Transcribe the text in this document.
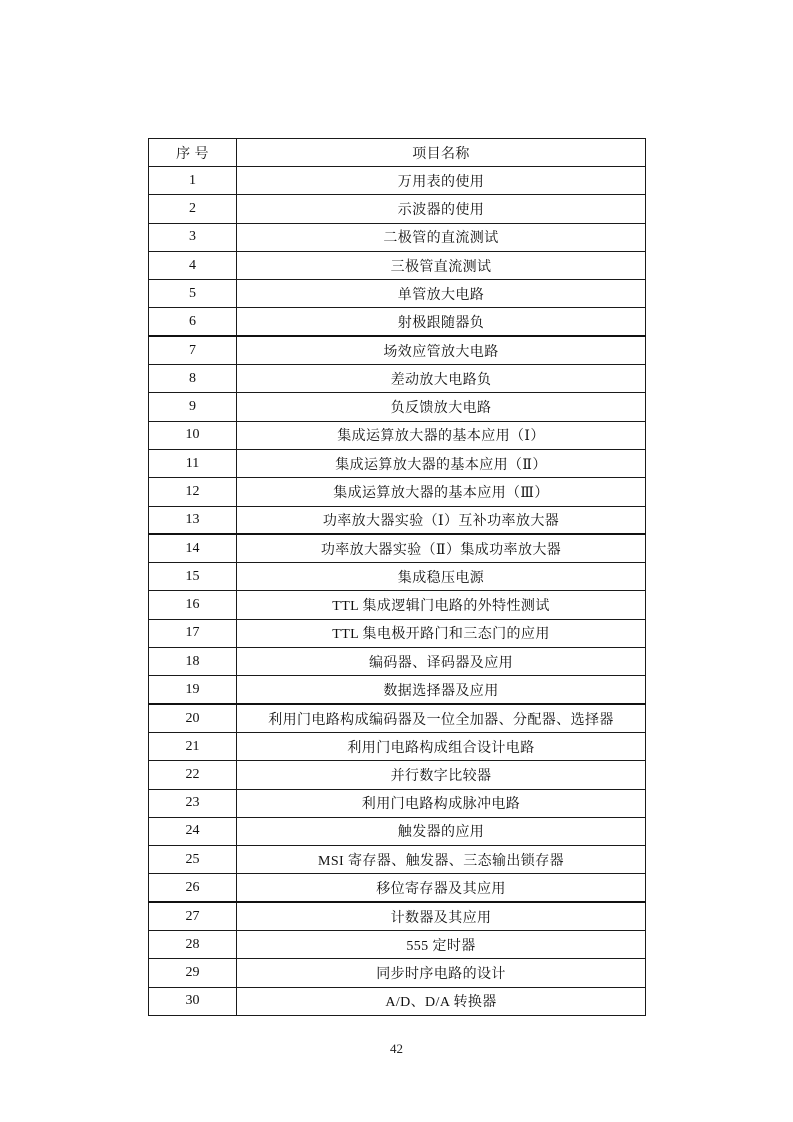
序 号	项目名称
1	万用表的使用
2	示波器的使用
3	二极管的直流测试
4	三极管直流测试
5	单管放大电路
6	射极跟随器负
7	场效应管放大电路
8	差动放大电路负
9	负反馈放大电路
10	集成运算放大器的基本应用（Ⅰ）
11	集成运算放大器的基本应用（Ⅱ）
12	集成运算放大器的基本应用（Ⅲ）
13	功率放大器实验（Ⅰ）互补功率放大器
14	功率放大器实验（Ⅱ）集成功率放大器
15	集成稳压电源
16	TTL 集成逻辑门电路的外特性测试
17	TTL 集电极开路门和三态门的应用
18	编码器、译码器及应用
19	数据选择器及应用
20	利用门电路构成编码器及一位全加器、分配器、选择器
21	利用门电路构成组合设计电路
22	并行数字比较器
23	利用门电路构成脉冲电路
24	触发器的应用
25	MSI 寄存器、触发器、三态输出锁存器
26	移位寄存器及其应用
27	计数器及其应用
28	555 定时器
29	同步时序电路的设计
30	A/D、D/A 转换器
42
